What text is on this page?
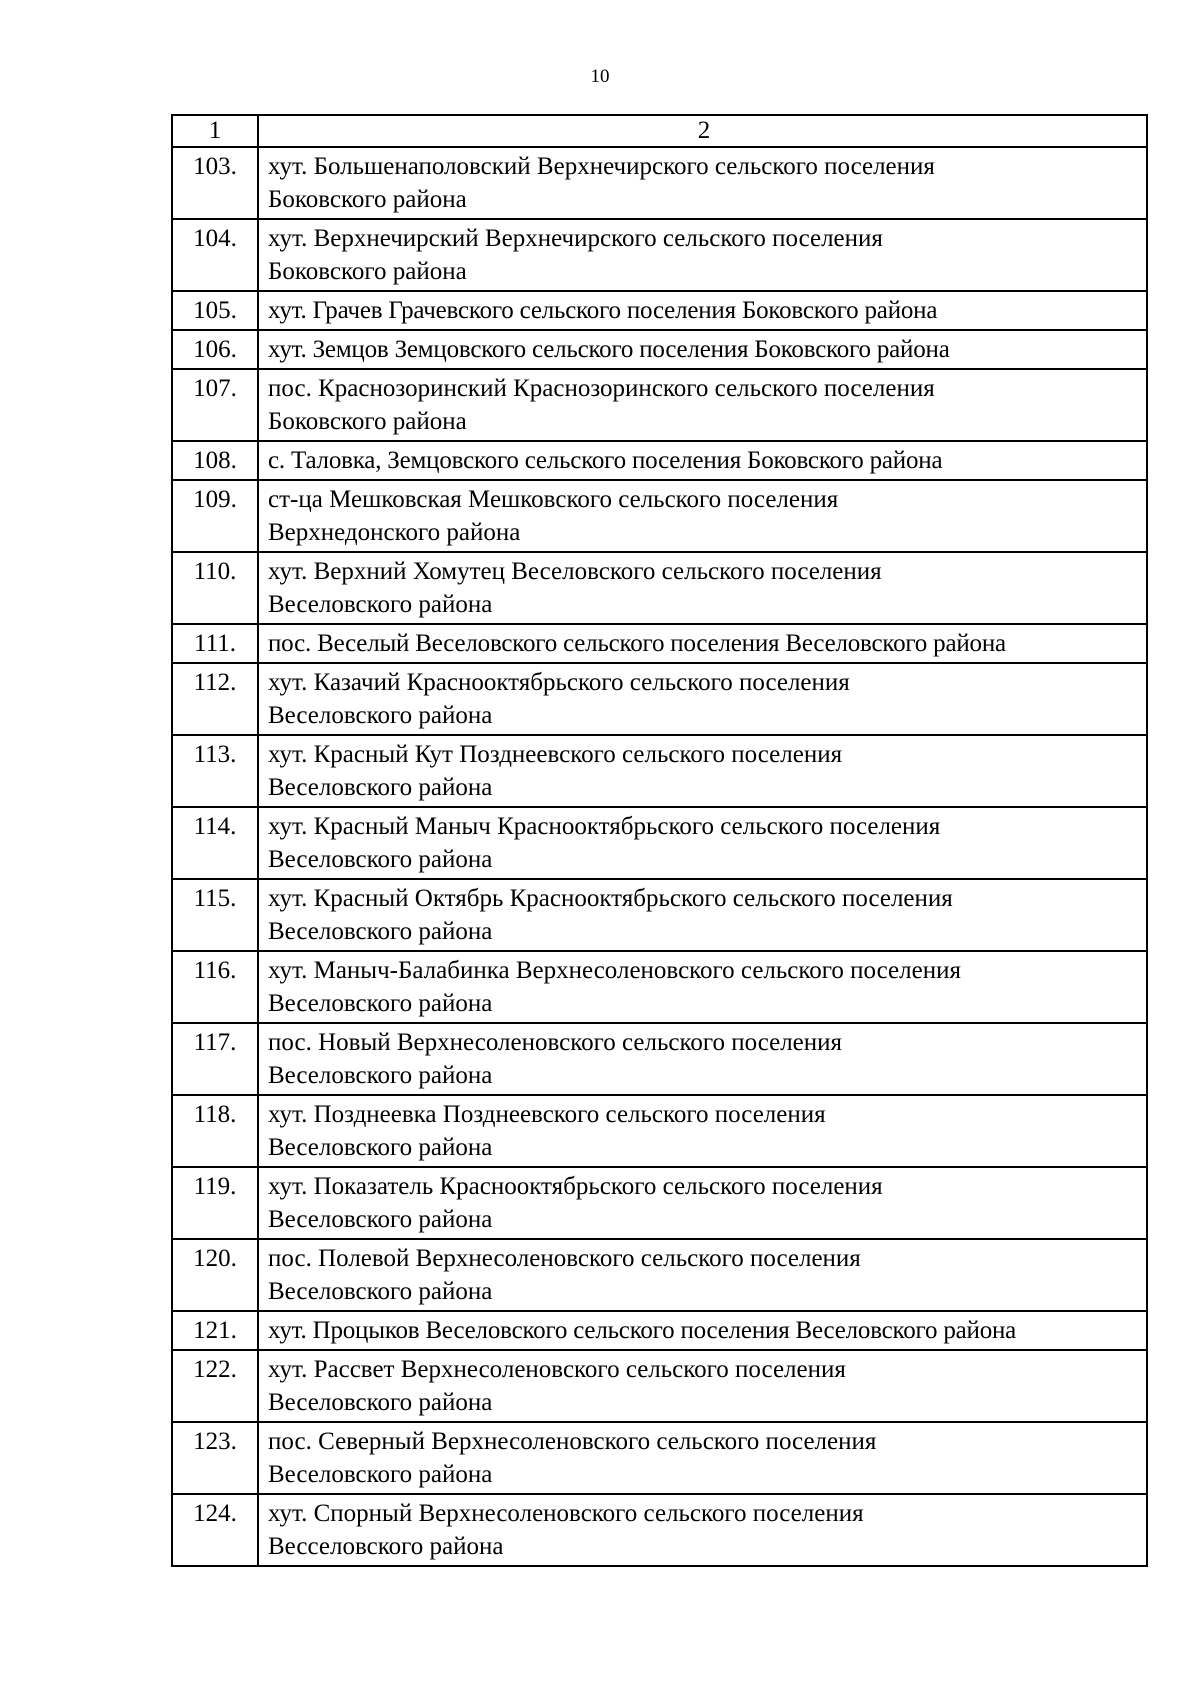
10
1	2
103.	хут. Большенаполовский Верхнечирского сельского поселения
Боковского района

104.	хут. Верхнечирский Верхнечирского сельского поселения
Боковского района

105.	хут. Грачев Грачевского сельского поселения Боковского района

106.	хут. Земцов Земцовского сельского поселения Боковского района

107.	пос. Краснозоринский Краснозоринского сельского поселения
Боковского района

108.	с. Таловка, Земцовского сельского поселения Боковского района

109.	ст-ца Мешковская Мешковского сельского поселения
Верхнедонского района

110.	хут. Верхний Хомутец Веселовского сельского поселения
Веселовского района

111.	пос. Веселый Веселовского сельского поселения Веселовского района

112.	хут. Казачий Краснооктябрьского сельского поселения
Веселовского района

113.	хут. Красный Кут Позднеевского сельского поселения
Веселовского района

114.	хут. Красный Маныч Краснооктябрьского сельского поселения
Веселовского района

115.	хут. Красный Октябрь Краснооктябрьского сельского поселения
Веселовского района

116.	хут. Маныч-Балабинка Верхнесоленовского сельского поселения
Веселовского района

117.	пос. Новый Верхнесоленовского сельского поселения
Веселовского района

118.	хут. Позднеевка Позднеевского сельского поселения
Веселовского района

119.	хут. Показатель Краснооктябрьского сельского поселения
Веселовского района

120.	пос. Полевой Верхнесоленовского сельского поселения
Веселовского района

121.	хут. Процыков Веселовского сельского поселения Веселовского района

122.	хут. Рассвет Верхнесоленовского сельского поселения
Веселовского района

123.	пос. Северный Верхнесоленовского сельского поселения
Веселовского района

124.	хут. Спорный Верхнесоленовского сельского поселения
Весселовского района
